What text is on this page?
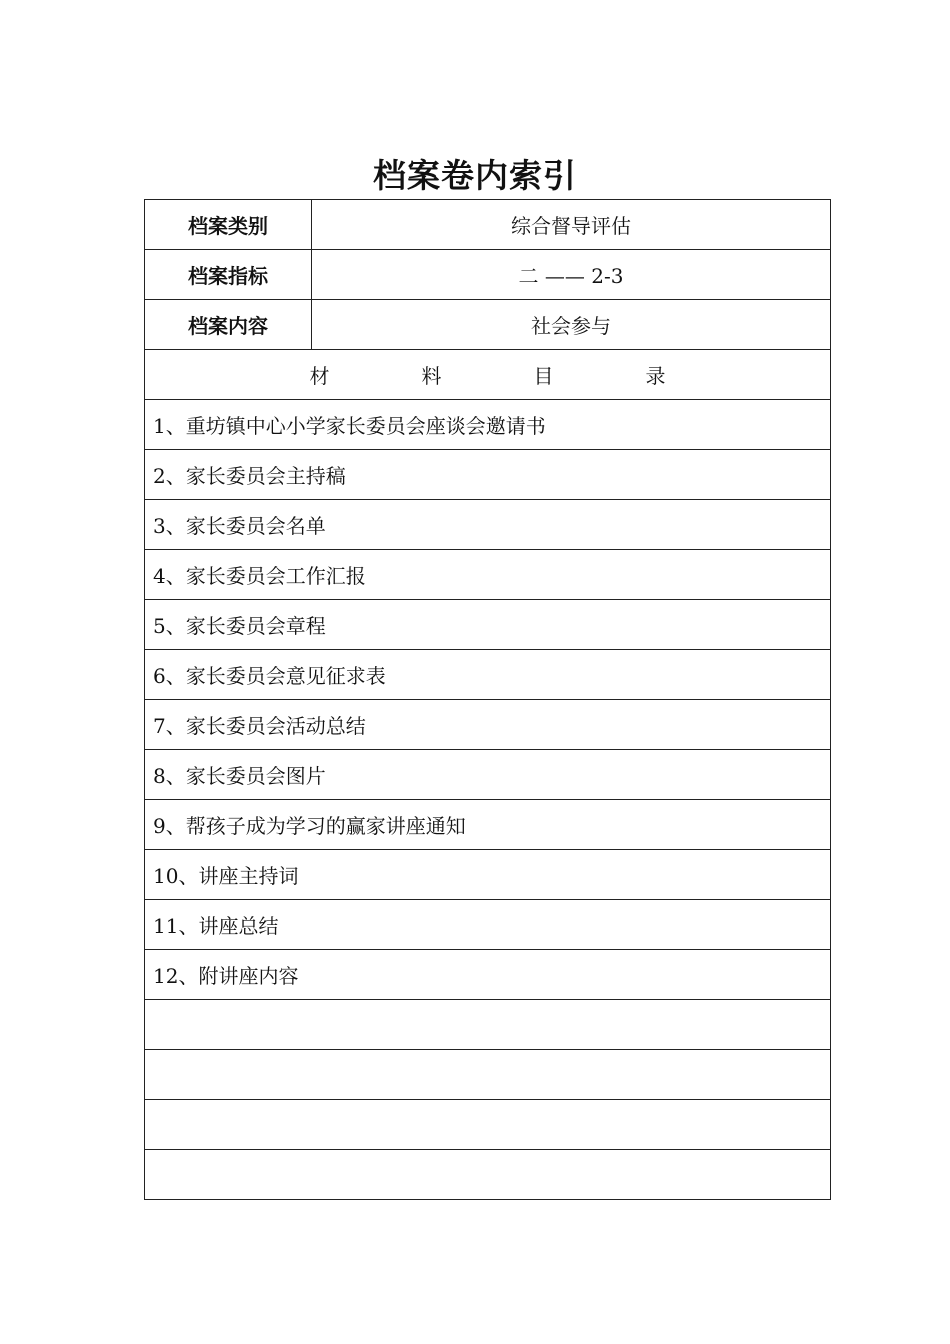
档案卷内索引
档案类别	综合督导评估
档案指标	二 —— 2-3
档案内容	社会参与
材 料 目 录	
1、重坊镇中心小学家长委员会座谈会邀请书	
2、家长委员会主持稿	
3、家长委员会名单	
4、家长委员会工作汇报	
5、家长委员会章程	
6、家长委员会意见征求表	
7、家长委员会活动总结	
8、家长委员会图片	
9、帮孩子成为学习的赢家讲座通知	
10、讲座主持词	
11、讲座总结	
12、附讲座内容	
